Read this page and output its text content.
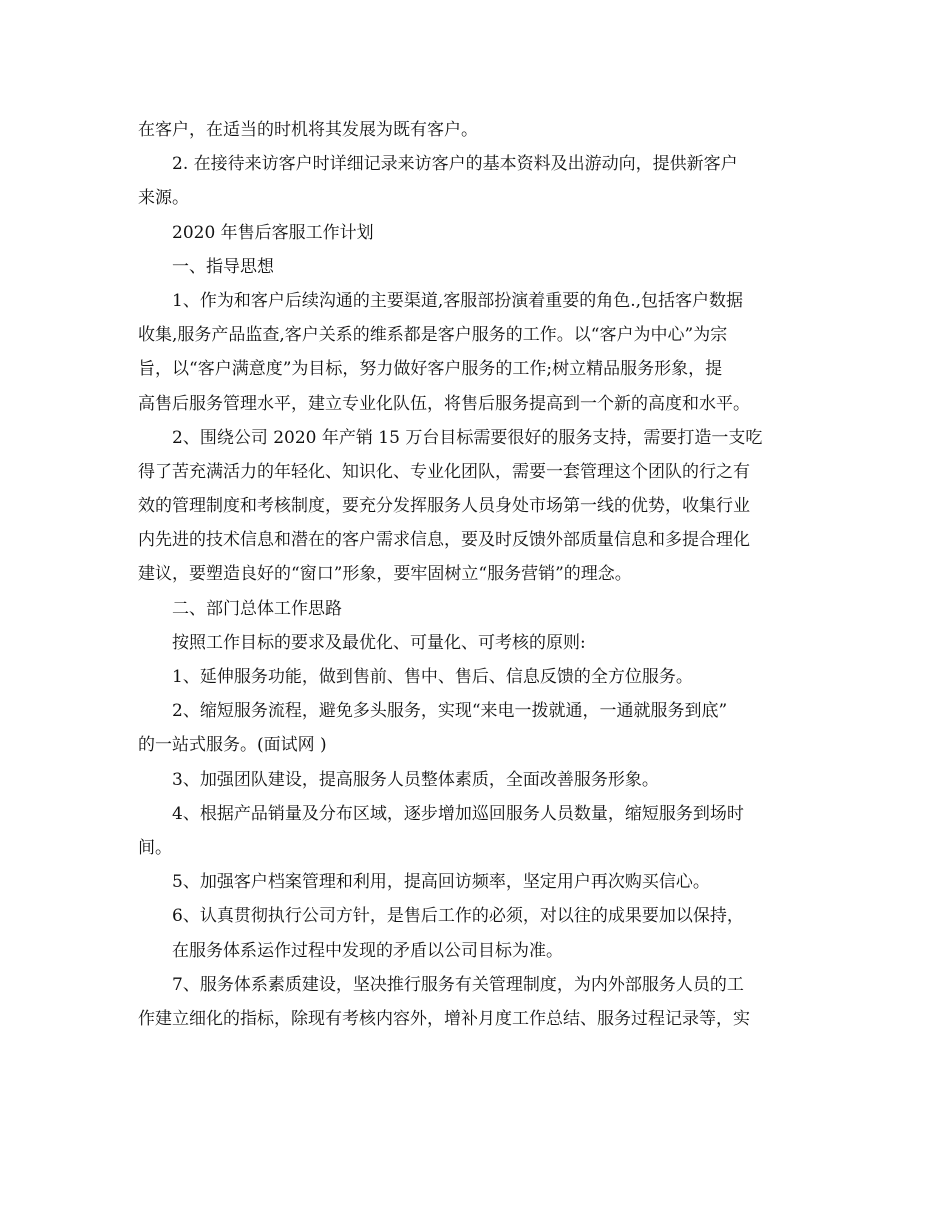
在客户，在适当的时机将其发展为既有客户。
2. 在接待来访客户时详细记录来访客户的基本资料及出游动向，提供新客户
来源。
2020 年售后客服工作计划
一、指导思想
1、作为和客户后续沟通的主要渠道,客服部扮演着重要的角色.,包括客户数据
收集,服务产品监查,客户关系的维系都是客户服务的工作。以“客户为中心”为宗
旨，以“客户满意度”为目标，努力做好客户服务的工作;树立精品服务形象，提
高售后服务管理水平，建立专业化队伍，将售后服务提高到一个新的高度和水平。
2、围绕公司 2020 年产销 15 万台目标需要很好的服务支持，需要打造一支吃
得了苦充满活力的年轻化、知识化、专业化团队，需要一套管理这个团队的行之有
效的管理制度和考核制度，要充分发挥服务人员身处市场第一线的优势，收集行业
内先进的技术信息和潜在的客户需求信息，要及时反馈外部质量信息和多提合理化
建议，要塑造良好的“窗口”形象，要牢固树立“服务营销”的理念。
二、部门总体工作思路
按照工作目标的要求及最优化、可量化、可考核的原则:
1、延伸服务功能，做到售前、售中、售后、信息反馈的全方位服务。
2、缩短服务流程，避免多头服务，实现“来电一拨就通，一通就服务到底”
的一站式服务。(面试网 )
3、加强团队建设，提高服务人员整体素质，全面改善服务形象。
4、根据产品销量及分布区域，逐步增加巡回服务人员数量，缩短服务到场时
间。
5、加强客户档案管理和利用，提高回访频率，坚定用户再次购买信心。
6、认真贯彻执行公司方针，是售后工作的必须，对以往的成果要加以保持，
在服务体系运作过程中发现的矛盾以公司目标为准。
7、服务体系素质建设，坚决推行服务有关管理制度，为内外部服务人员的工
作建立细化的指标，除现有考核内容外，增补月度工作总结、服务过程记录等，实
